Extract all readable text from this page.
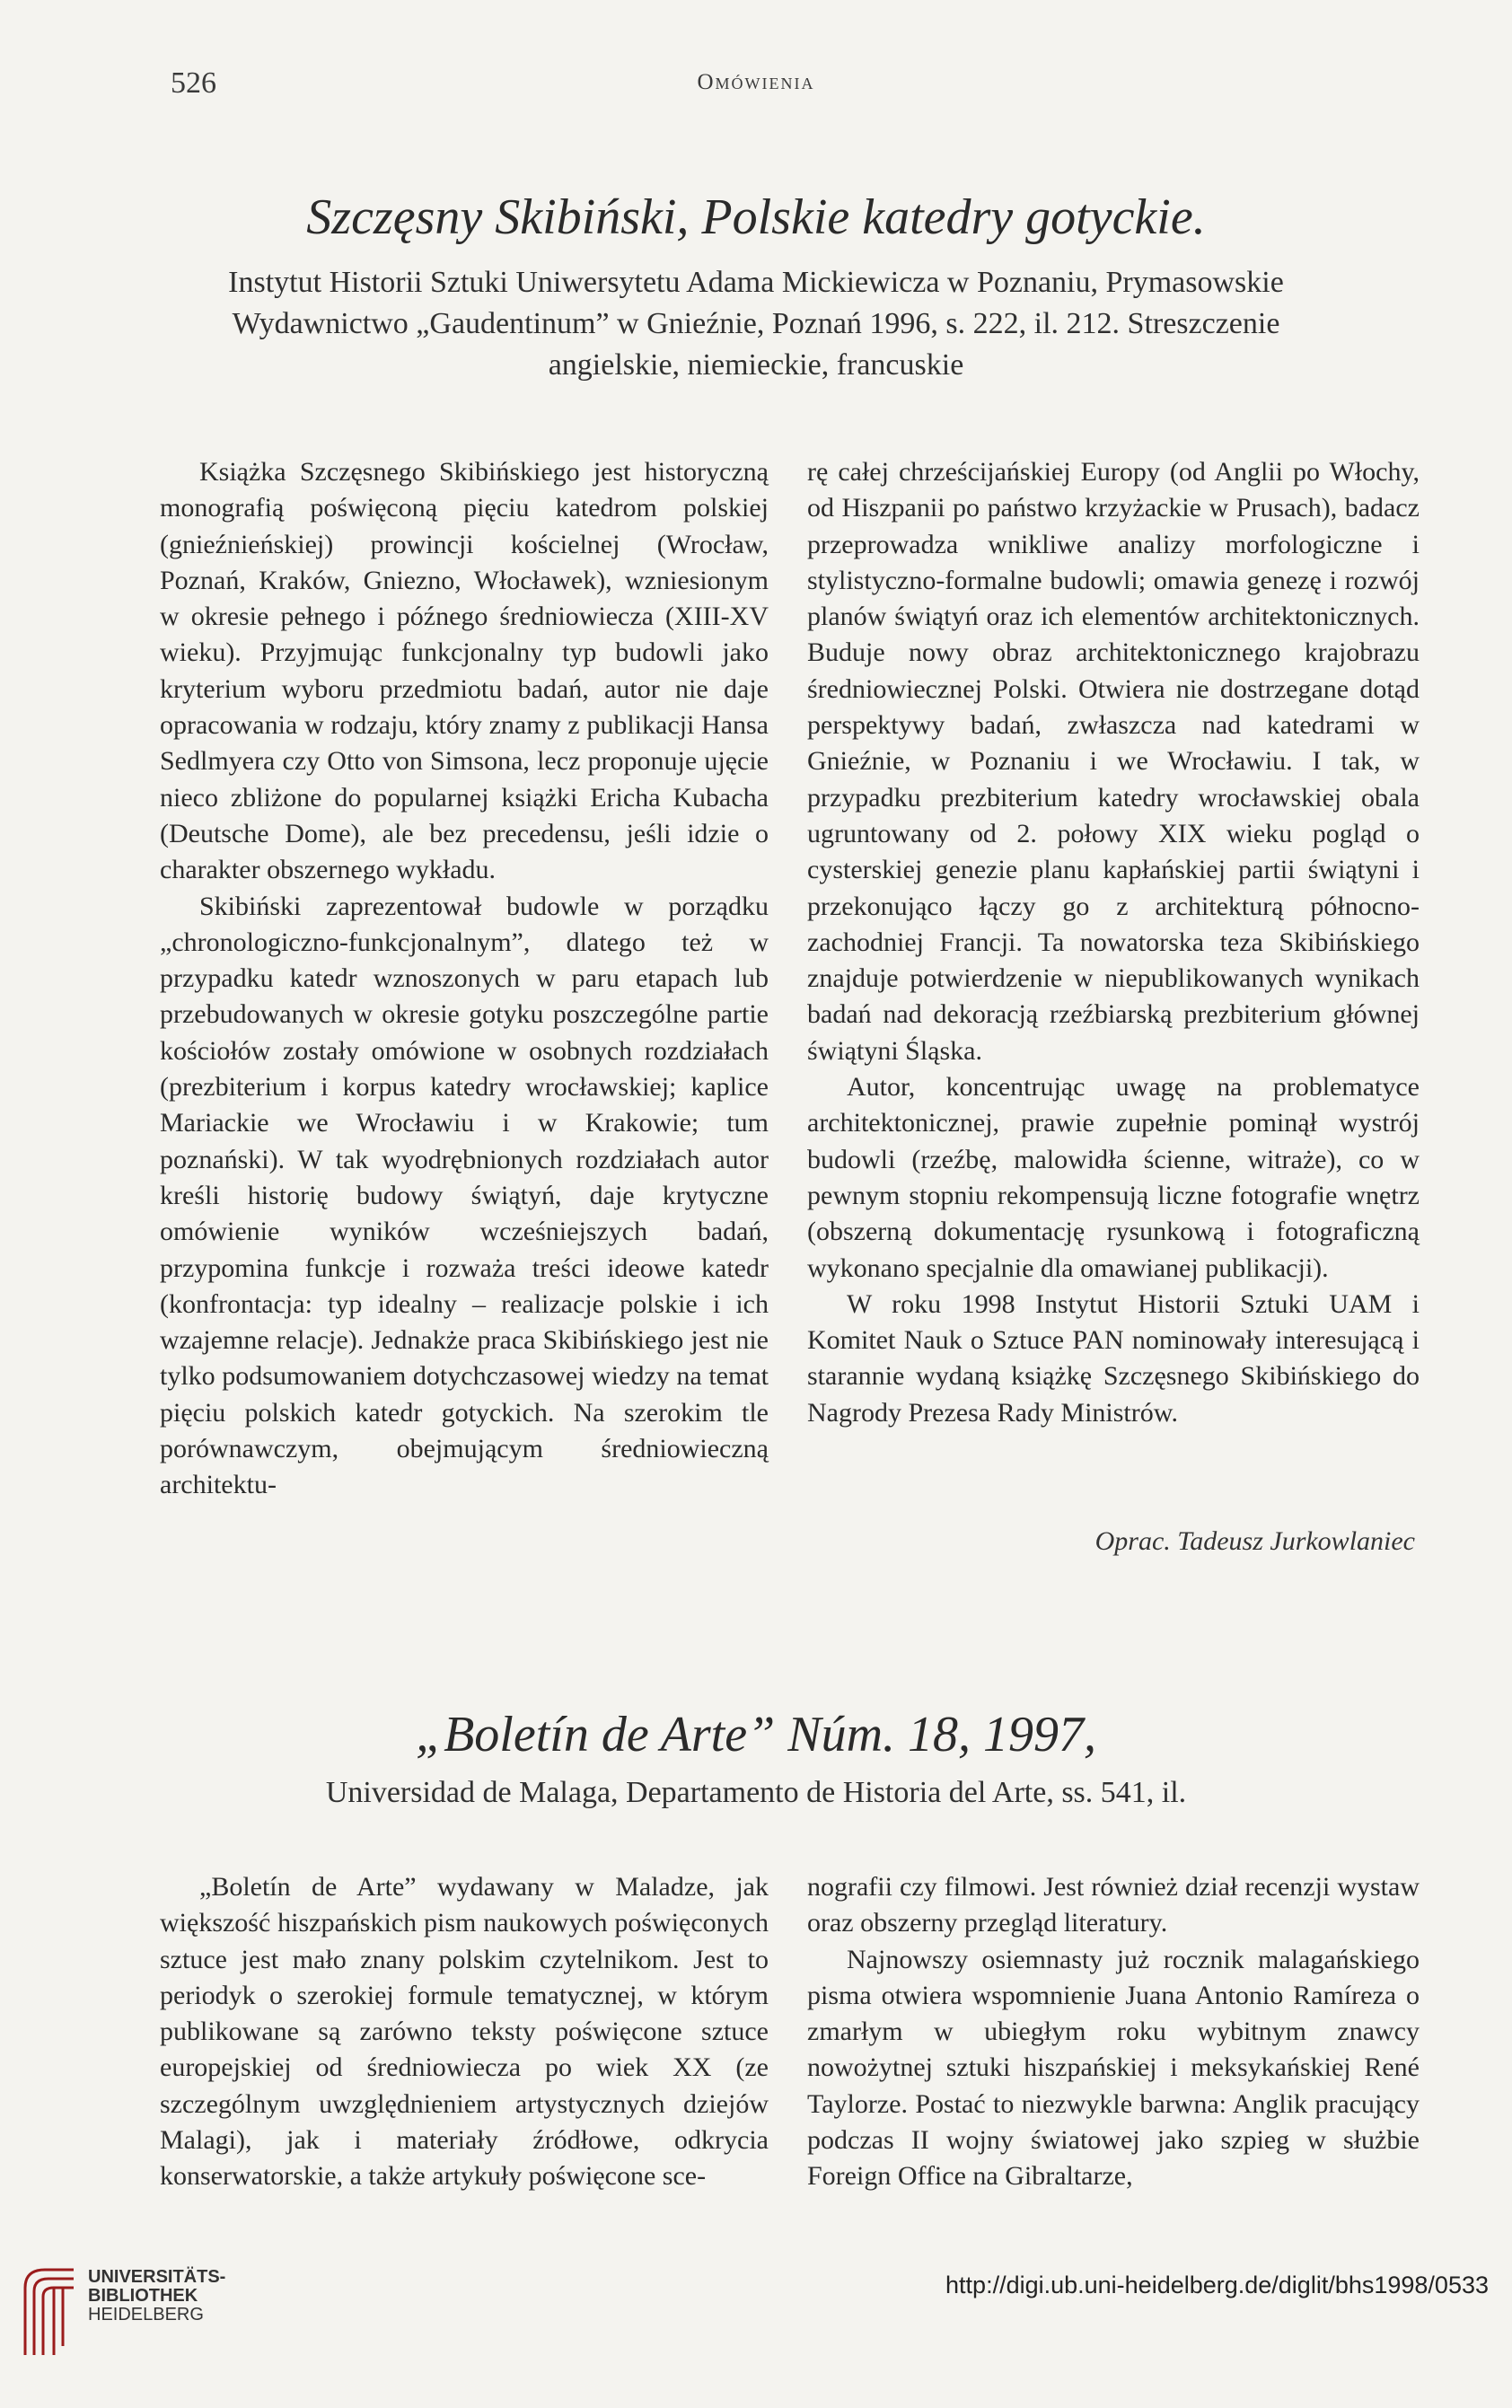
526	Omówienia
Szczęsny Skibiński, Polskie katedry gotyckie.
Instytut Historii Sztuki Uniwersytetu Adama Mickiewicza w Poznaniu, Prymasowskie
Wydawnictwo „Gaudentinum” w Gnieźnie, Poznań 1996, s. 222, il. 212. Streszczenie
angielskie, niemieckie, francuskie

Książka Szczęsnego Skibińskiego jest historyczną monografią poświęconą pięciu katedrom polskiej (gnieźnieńskiej) prowincji kościelnej (Wrocław, Poznań, Kraków, Gniezno, Włocławek), wzniesionym w okresie pełnego i późnego średniowiecza (XIII-XV wieku). Przyjmując funkcjonalny typ budowli jako kryterium wyboru przedmiotu badań, autor nie daje opracowania w rodzaju, który znamy z publikacji Hansa Sedlmyera czy Otto von Simsona, lecz proponuje ujęcie nieco zbliżone do popularnej książki Ericha Kubacha (Deutsche Dome), ale bez precedensu, jeśli idzie o charakter obszernego wykładu.

Skibiński zaprezentował budowle w porządku „chronologiczno-funkcjonalnym”, dlatego też w przypadku katedr wznoszonych w paru etapach lub przebudowanych w okresie gotyku poszczególne partie kościołów zostały omówione w osobnych rozdziałach (prezbiterium i korpus katedry wrocławskiej; kaplice Mariackie we Wrocławiu i w Krakowie; tum poznański). W tak wyodrębnionych rozdziałach autor kreśli historię budowy świątyń, daje krytyczne omówienie wyników wcześniejszych badań, przypomina funkcje i rozważa treści ideowe katedr (konfrontacja: typ idealny – realizacje polskie i ich wzajemne relacje). Jednakże praca Skibińskiego jest nie tylko podsumowaniem dotychczasowej wiedzy na temat pięciu polskich katedr gotyckich. Na szerokim tle porównawczym, obejmującym średniowieczną architektu-

rę całej chrześcijańskiej Europy (od Anglii po Włochy, od Hiszpanii po państwo krzyżackie w Prusach), badacz przeprowadza wnikliwe analizy morfologiczne i stylistyczno-formalne budowli; omawia genezę i rozwój planów świątyń oraz ich elementów architektonicznych. Buduje nowy obraz architektonicznego krajobrazu średniowiecznej Polski. Otwiera nie dostrzegane dotąd perspektywy badań, zwłaszcza nad katedrami w Gnieźnie, w Poznaniu i we Wrocławiu. I tak, w przypadku prezbiterium katedry wrocławskiej obala ugruntowany od 2. połowy XIX wieku pogląd o cysterskiej genezie planu kapłańskiej partii świątyni i przekonująco łączy go z architekturą północno-zachodniej Francji. Ta nowatorska teza Skibińskiego znajduje potwierdzenie w niepublikowanych wynikach badań nad dekoracją rzeźbiarską prezbiterium głównej świątyni Śląska.

Autor, koncentrując uwagę na problematyce architektonicznej, prawie zupełnie pominął wystrój budowli (rzeźbę, malowidła ścienne, witraże), co w pewnym stopniu rekompensują liczne fotografie wnętrz (obszerną dokumentację rysunkową i fotograficzną wykonano specjalnie dla omawianej publikacji).

W roku 1998 Instytut Historii Sztuki UAM i Komitet Nauk o Sztuce PAN nominowały interesującą i starannie wydaną książkę Szczęsnego Skibińskiego do Nagrody Prezesa Rady Ministrów.

Oprac. Tadeusz Jurkowlaniec
„Boletín de Arte” Núm. 18, 1997,
Universidad de Malaga, Departamento de Historia del Arte, ss. 541, il.

„Boletín de Arte” wydawany w Maladze, jak większość hiszpańskich pism naukowych poświęconych sztuce jest mało znany polskim czytelnikom. Jest to periodyk o szerokiej formule tematycznej, w którym publikowane są zarówno teksty poświęcone sztuce europejskiej od średniowiecza po wiek XX (ze szczególnym uwzględnieniem artystycznych dziejów Malagi), jak i materiały źródłowe, odkrycia konserwatorskie, a także artykuły poświęcone sce-

nografii czy filmowi. Jest również dział recenzji wystaw oraz obszerny przegląd literatury.

Najnowszy osiemnasty już rocznik malagańskiego pisma otwiera wspomnienie Juana Antonio Ramíreza o zmarłym w ubiegłym roku wybitnym znawcy nowożytnej sztuki hiszpańskiej i meksykańskiej René Taylorze. Postać to niezwykle barwna: Anglik pracujący podczas II wojny światowej jako szpieg w służbie Foreign Office na Gibraltarze,

UNIVERSITÄTS-
BIBLIOTHEK
HEIDELBERG
http://digi.ub.uni-heidelberg.de/diglit/bhs1998/0533
